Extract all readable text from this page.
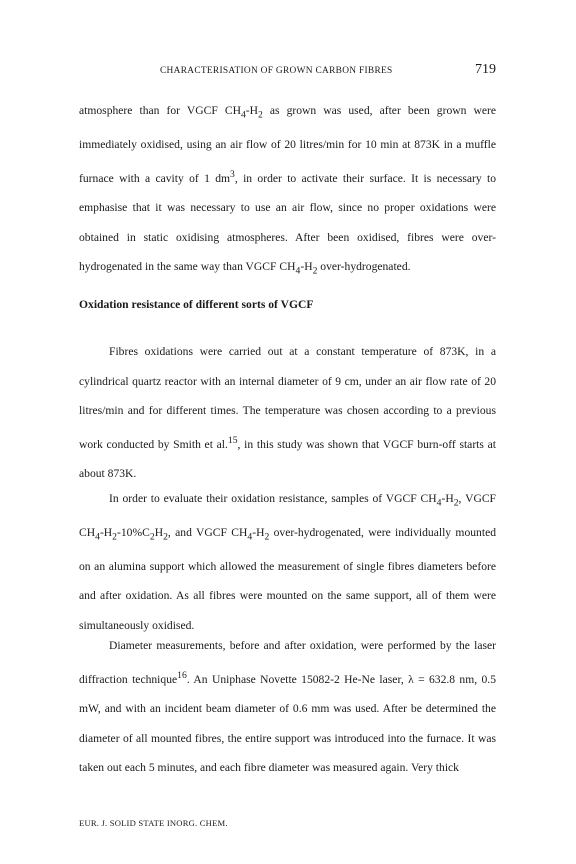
CHARACTERISATION OF GROWN CARBON FIBRES	719

atmosphere than for VGCF $CH_4-H_2$ as grown was used, after been grown were immediately oxidised, using an air flow of 20 litres/min for 10 min at 873K in a muffle furnace with a cavity of 1 $dm^3$, in order to activate their surface. It is necessary to emphasise that it was necessary to use an air flow, since no proper oxidations were obtained in static oxidising atmospheres. After been oxidised, fibres were over-hydrogenated in the same way than VGCF $CH_4-H_2$ over-hydrogenated.

Oxidation resistance of different sorts of VGCF

Fibres oxidations were carried out at a constant temperature of 873K, in a cylindrical quartz reactor with an internal diameter of 9 cm, under an air flow rate of 20 litres/min and for different times. The temperature was chosen according to a previous work conducted by Smith et al.$^{15}$, in this study was shown that VGCF burn-off starts at about 873K.

In order to evaluate their oxidation resistance, samples of VGCF $CH_4-H_2$, VGCF $CH_4-H_2-10\%C_2H_2$, and VGCF $CH_4-H_2$ over-hydrogenated, were individually mounted on an alumina support which allowed the measurement of single fibres diameters before and after oxidation. As all fibres were mounted on the same support, all of them were simultaneously oxidised.

Diameter measurements, before and after oxidation, were performed by the laser diffraction technique$^{16}$. An Uniphase Novette 15082-2 He-Ne laser, λ = 632.8 nm, 0.5 mW, and with an incident beam diameter of 0.6 mm was used. After be determined the diameter of all mounted fibres, the entire support was introduced into the furnace. It was taken out each 5 minutes, and each fibre diameter was measured again. Very thick

EUR. J. SOLID STATE INORG. CHEM.
